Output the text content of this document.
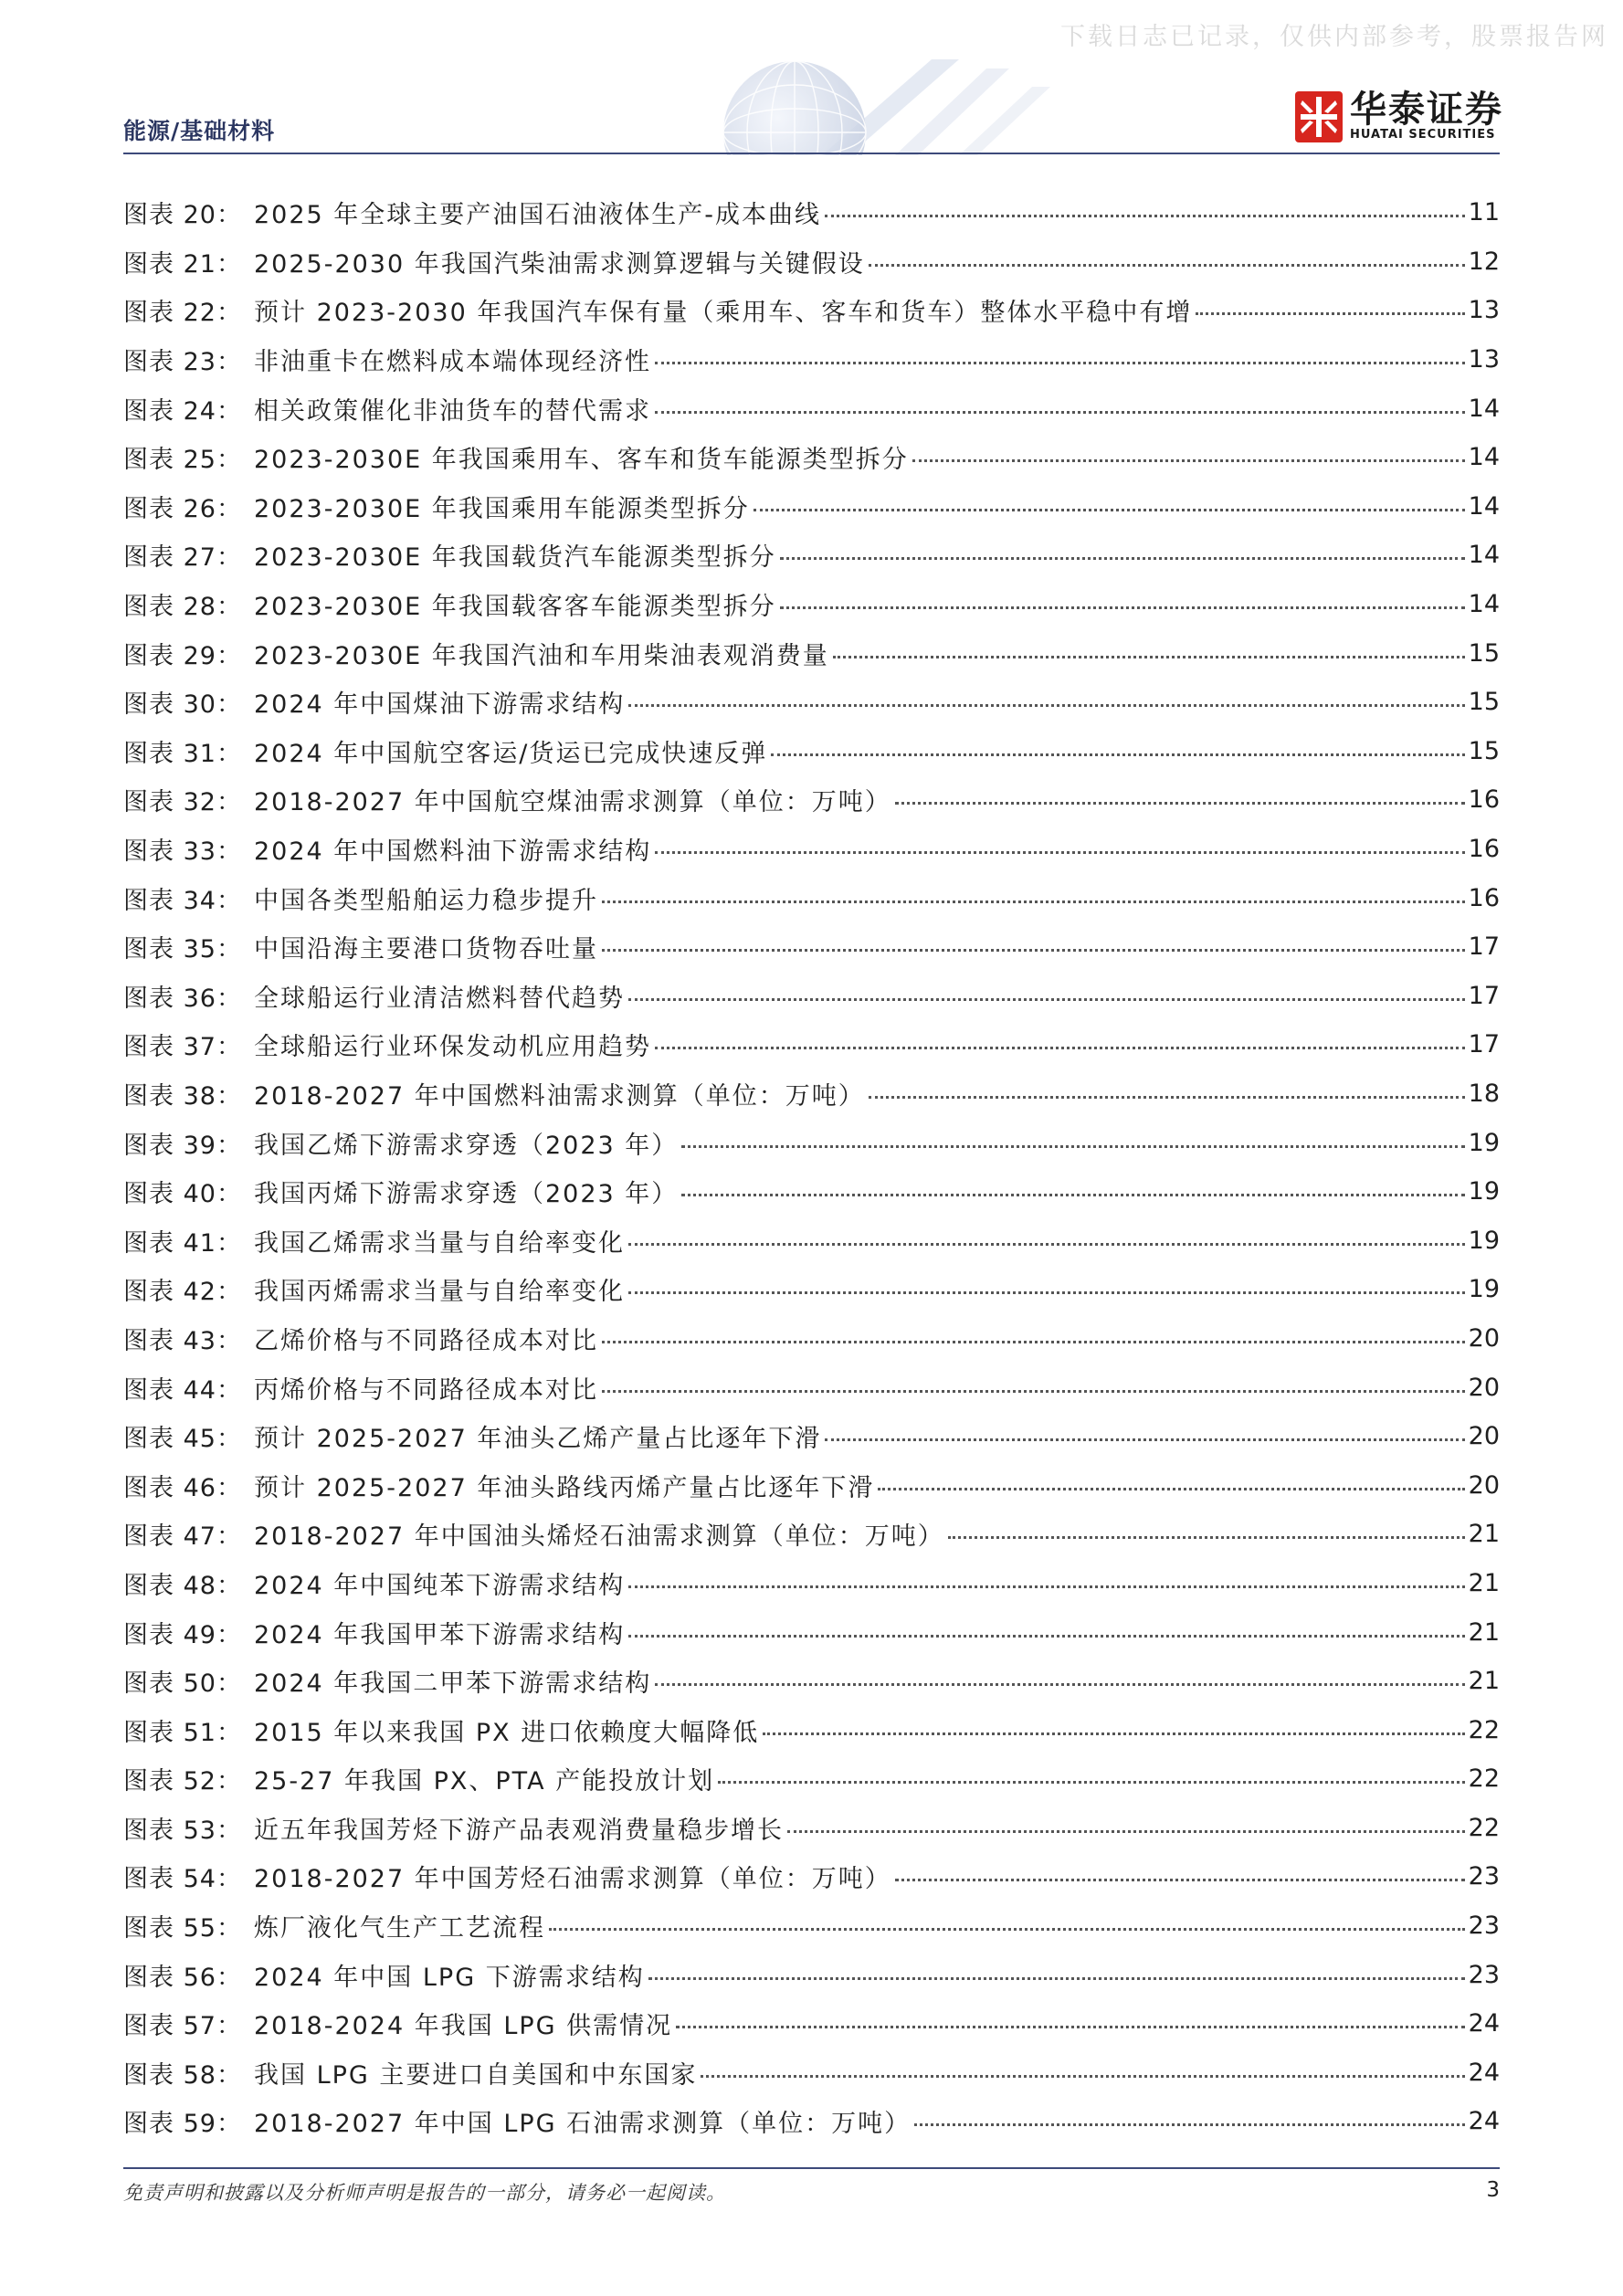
下载日志已记录，仅供内部参考，股票报告网
能源/基础材料
华泰证券
HUATAI SECURITIES
图表 20： 2025 年全球主要产油国石油液体生产-成本曲线	11
图表 21： 2025-2030 年我国汽柴油需求测算逻辑与关键假设	12
图表 22： 预计 2023-2030 年我国汽车保有量（乘用车、客车和货车）整体水平稳中有增	13
图表 23： 非油重卡在燃料成本端体现经济性	13
图表 24： 相关政策催化非油货车的替代需求	14
图表 25： 2023-2030E 年我国乘用车、客车和货车能源类型拆分	14
图表 26： 2023-2030E 年我国乘用车能源类型拆分	14
图表 27： 2023-2030E 年我国载货汽车能源类型拆分	14
图表 28： 2023-2030E 年我国载客客车能源类型拆分	14
图表 29： 2023-2030E 年我国汽油和车用柴油表观消费量	15
图表 30： 2024 年中国煤油下游需求结构	15
图表 31： 2024 年中国航空客运/货运已完成快速反弹	15
图表 32： 2018-2027 年中国航空煤油需求测算（单位：万吨）	16
图表 33： 2024 年中国燃料油下游需求结构	16
图表 34： 中国各类型船舶运力稳步提升	16
图表 35： 中国沿海主要港口货物吞吐量	17
图表 36： 全球船运行业清洁燃料替代趋势	17
图表 37： 全球船运行业环保发动机应用趋势	17
图表 38： 2018-2027 年中国燃料油需求测算（单位：万吨）	18
图表 39： 我国乙烯下游需求穿透（2023 年）	19
图表 40： 我国丙烯下游需求穿透（2023 年）	19
图表 41： 我国乙烯需求当量与自给率变化	19
图表 42： 我国丙烯需求当量与自给率变化	19
图表 43： 乙烯价格与不同路径成本对比	20
图表 44： 丙烯价格与不同路径成本对比	20
图表 45： 预计 2025-2027 年油头乙烯产量占比逐年下滑	20
图表 46： 预计 2025-2027 年油头路线丙烯产量占比逐年下滑	20
图表 47： 2018-2027 年中国油头烯烃石油需求测算（单位：万吨）	21
图表 48： 2024 年中国纯苯下游需求结构	21
图表 49： 2024 年我国甲苯下游需求结构	21
图表 50： 2024 年我国二甲苯下游需求结构	21
图表 51： 2015 年以来我国 PX 进口依赖度大幅降低	22
图表 52： 25-27 年我国 PX、PTA 产能投放计划	22
图表 53： 近五年我国芳烃下游产品表观消费量稳步增长	22
图表 54： 2018-2027 年中国芳烃石油需求测算（单位：万吨）	23
图表 55： 炼厂液化气生产工艺流程	23
图表 56： 2024 年中国 LPG 下游需求结构	23
图表 57： 2018-2024 年我国 LPG 供需情况	24
图表 58： 我国 LPG 主要进口自美国和中东国家	24
图表 59： 2018-2027 年中国 LPG 石油需求测算（单位：万吨）	24
免责声明和披露以及分析师声明是报告的一部分，请务必一起阅读。	3
